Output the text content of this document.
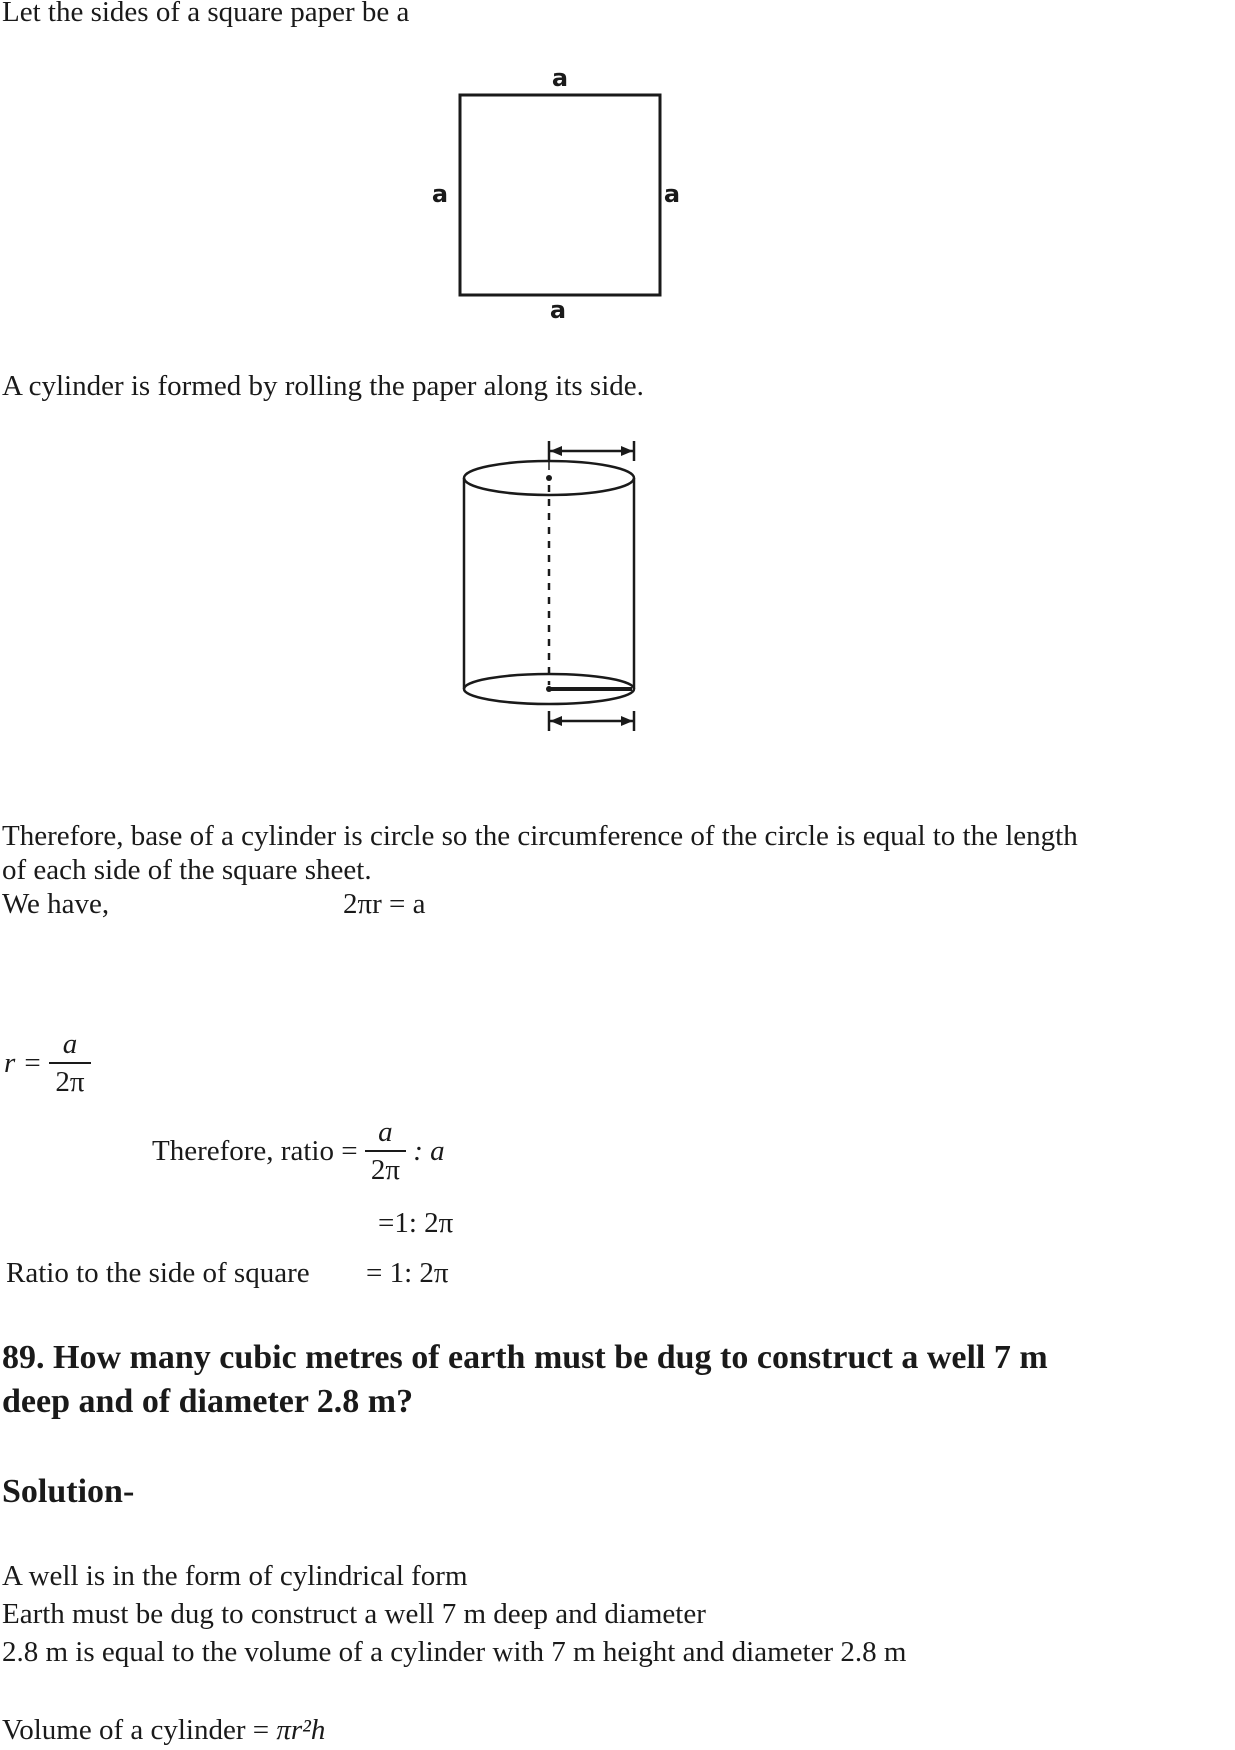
Let the sides of a square paper be a
a
a	a
a
A cylinder is formed by rolling the paper along its side.
Therefore, base of a cylinder is circle so the circumference of the circle is equal to the length
of each side of the square sheet.
We have,	2πr = a
$r = \frac{a}{2\pi}$
Therefore, ratio = $\frac{a}{2\pi}$ : a
=1: 2π
Ratio to the side of square = 1: 2π
89. How many cubic metres of earth must be dug to construct a well 7 m
deep and of diameter 2.8 m?
Solution-
A well is in the form of cylindrical form
Earth must be dug to construct a well 7 m deep and diameter
2.8 m is equal to the volume of a cylinder with 7 m height and diameter 2.8 m
Volume of a cylinder = πr²h
